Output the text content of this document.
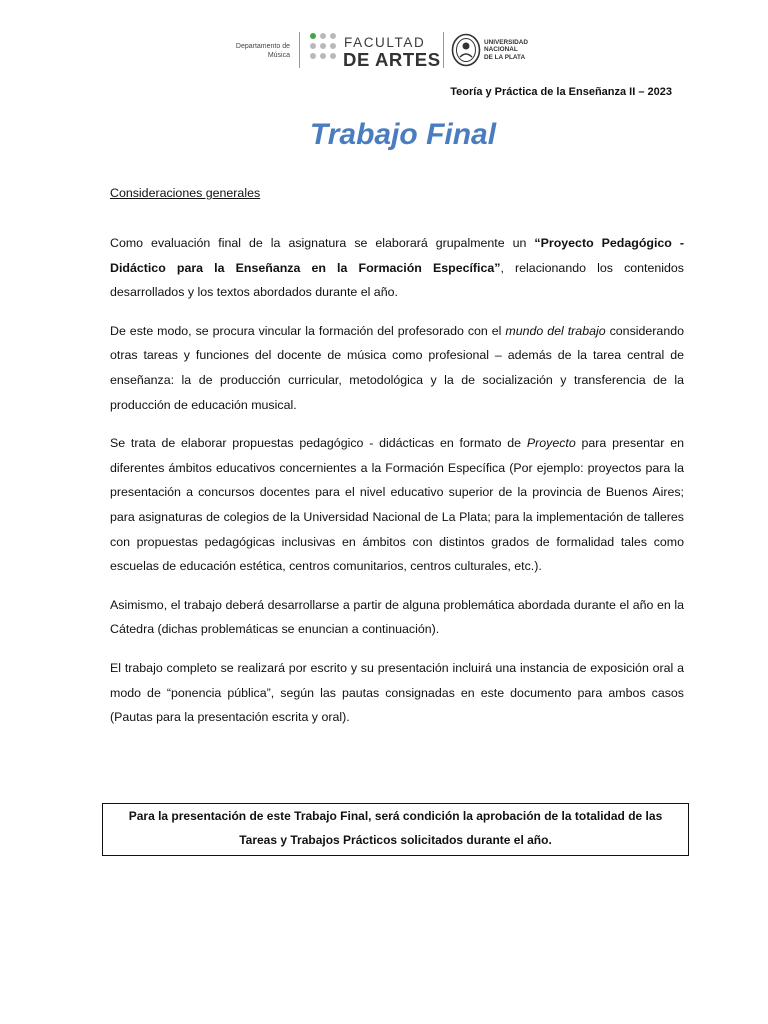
Departamento de Música
FACULTAD
DE ARTES
UNIVERSIDAD
NACIONAL
DE LA PLATA
Teoría y Práctica de la Enseñanza II – 2023
Trabajo Final
Consideraciones generales

Como evaluación final de la asignatura se elaborará grupalmente un “Proyecto Pedagógico - Didáctico para la Enseñanza en la Formación Específica”, relacionando los contenidos desarrollados y los textos abordados durante el año.

De este modo, se procura vincular la formación del profesorado con el mundo del trabajo considerando otras tareas y funciones del docente de música como profesional – además de la tarea central de enseñanza: la de producción curricular, metodológica y la de socialización y transferencia de la producción de educación musical.

Se trata de elaborar propuestas pedagógico - didácticas en formato de Proyecto para presentar en diferentes ámbitos educativos concernientes a la Formación Específica (Por ejemplo: proyectos para la presentación a concursos docentes para el nivel educativo superior de la provincia de Buenos Aires; para asignaturas de colegios de la Universidad Nacional de La Plata; para la implementación de talleres con propuestas pedagógicas inclusivas en ámbitos con distintos grados de formalidad tales como escuelas de educación estética, centros comunitarios, centros culturales, etc.).

Asimismo, el trabajo deberá desarrollarse a partir de alguna problemática abordada durante el año en la Cátedra (dichas problemáticas se enuncian a continuación).

El trabajo completo se realizará por escrito y su presentación incluirá una instancia de exposición oral a modo de “ponencia pública”, según las pautas consignadas en este documento para ambos casos (Pautas para la presentación escrita y oral).

Para la presentación de este Trabajo Final, será condición la aprobación de la totalidad de las
Tareas y Trabajos Prácticos solicitados durante el año.
